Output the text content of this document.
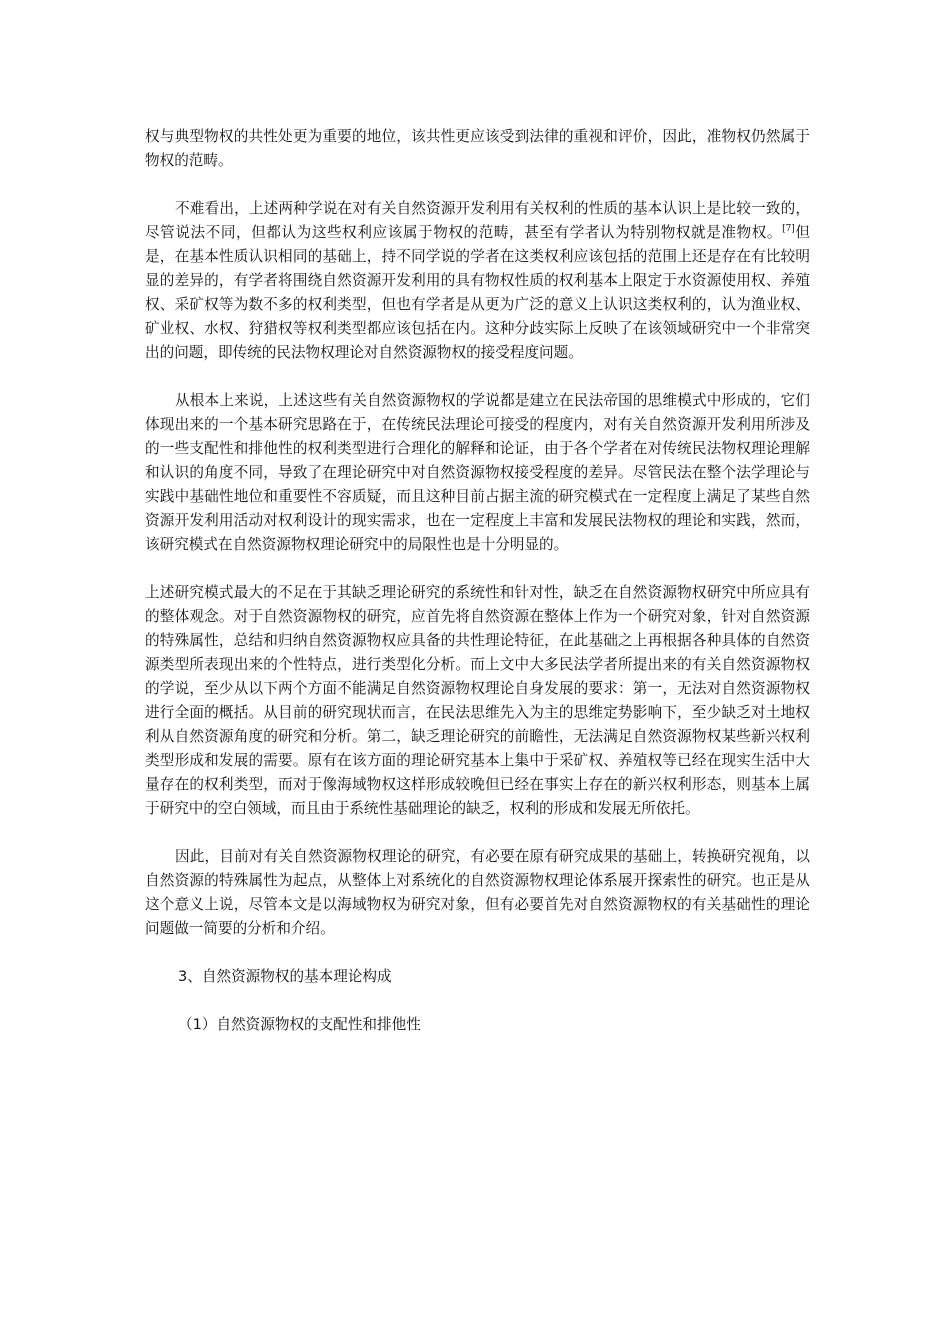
权与典型物权的共性处更为重要的地位，该共性更应该受到法律的重视和评价，因此，准物权仍然属于物权的范畴。

不难看出，上述两种学说在对有关自然资源开发利用有关权利的性质的基本认识上是比较一致的，尽管说法不同，但都认为这些权利应该属于物权的范畴，甚至有学者认为特别物权就是准物权。[7]但是，在基本性质认识相同的基础上，持不同学说的学者在这类权利应该包括的范围上还是存在有比较明显的差异的，有学者将围绕自然资源开发利用的具有物权性质的权利基本上限定于水资源使用权、养殖权、采矿权等为数不多的权利类型，但也有学者是从更为广泛的意义上认识这类权利的，认为渔业权、矿业权、水权、狩猎权等权利类型都应该包括在内。这种分歧实际上反映了在该领域研究中一个非常突出的问题，即传统的民法物权理论对自然资源物权的接受程度问题。

从根本上来说，上述这些有关自然资源物权的学说都是建立在民法帝国的思维模式中形成的，它们体现出来的一个基本研究思路在于，在传统民法理论可接受的程度内，对有关自然资源开发利用所涉及的一些支配性和排他性的权利类型进行合理化的解释和论证，由于各个学者在对传统民法物权理论理解和认识的角度不同，导致了在理论研究中对自然资源物权接受程度的差异。尽管民法在整个法学理论与实践中基础性地位和重要性不容质疑，而且这种目前占据主流的研究模式在一定程度上满足了某些自然资源开发利用活动对权利设计的现实需求，也在一定程度上丰富和发展民法物权的理论和实践，然而，该研究模式在自然资源物权理论研究中的局限性也是十分明显的。

上述研究模式最大的不足在于其缺乏理论研究的系统性和针对性，缺乏在自然资源物权研究中所应具有的整体观念。对于自然资源物权的研究，应首先将自然资源在整体上作为一个研究对象，针对自然资源的特殊属性，总结和归纳自然资源物权应具备的共性理论特征，在此基础之上再根据各种具体的自然资源类型所表现出来的个性特点，进行类型化分析。而上文中大多民法学者所提出来的有关自然资源物权的学说，至少从以下两个方面不能满足自然资源物权理论自身发展的要求：第一，无法对自然资源物权进行全面的概括。从目前的研究现状而言，在民法思维先入为主的思维定势影响下，至少缺乏对土地权利从自然资源角度的研究和分析。第二，缺乏理论研究的前瞻性，无法满足自然资源物权某些新兴权利类型形成和发展的需要。原有在该方面的理论研究基本上集中于采矿权、养殖权等已经在现实生活中大量存在的权利类型，而对于像海域物权这样形成较晚但已经在事实上存在的新兴权利形态，则基本上属于研究中的空白领域，而且由于系统性基础理论的缺乏，权利的形成和发展无所依托。

因此，目前对有关自然资源物权理论的研究，有必要在原有研究成果的基础上，转换研究视角，以自然资源的特殊属性为起点，从整体上对系统化的自然资源物权理论体系展开探索性的研究。也正是从这个意义上说，尽管本文是以海域物权为研究对象，但有必要首先对自然资源物权的有关基础性的理论问题做一简要的分析和介绍。

3、自然资源物权的基本理论构成

（1）自然资源物权的支配性和排他性
